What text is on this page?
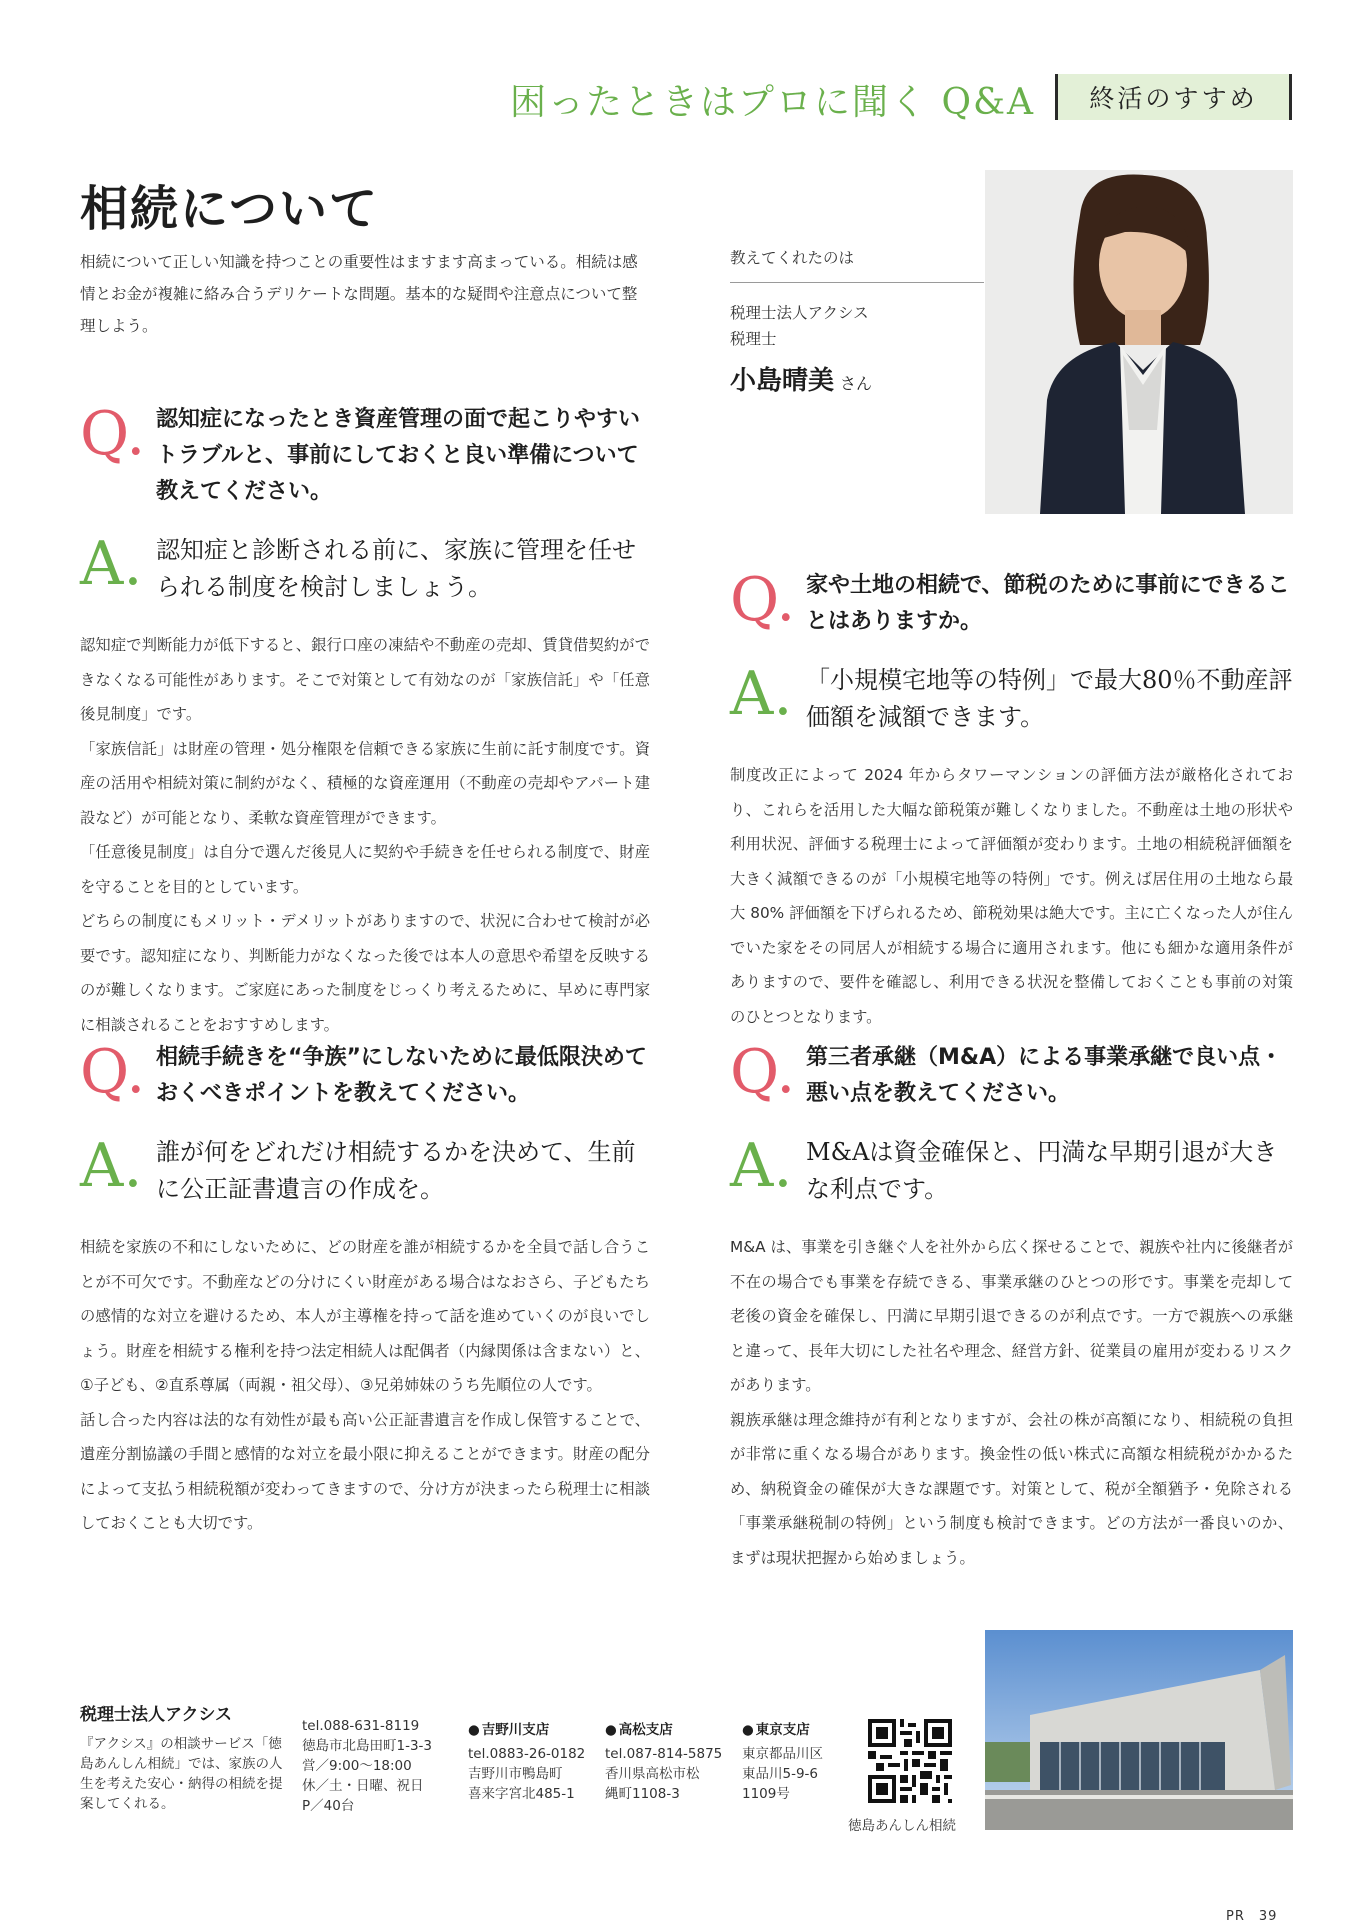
困ったときはプロに聞く Q&A	終活のすすめ
相続について
相続について正しい知識を持つことの重要性はますます高まっている。相続は感情とお金が複雑に絡み合うデリケートな問題。基本的な疑問や注意点について整理しよう。
教えてくれたのは
税理士法人アクシス
税理士
小島晴美 さん
Q. 認知症になったとき資産管理の面で起こりやすいトラブルと、事前にしておくと良い準備について教えてください。
A. 認知症と診断される前に、家族に管理を任せられる制度を検討しましょう。

認知症で判断能力が低下すると、銀行口座の凍結や不動産の売却、賃貸借契約ができなくなる可能性があります。そこで対策として有効なのが「家族信託」や「任意後見制度」です。

「家族信託」は財産の管理・処分権限を信頼できる家族に生前に託す制度です。資産の活用や相続対策に制約がなく、積極的な資産運用（不動産の売却やアパート建設など）が可能となり、柔軟な資産管理ができます。

「任意後見制度」は自分で選んだ後見人に契約や手続きを任せられる制度で、財産を守ることを目的としています。

どちらの制度にもメリット・デメリットがありますので、状況に合わせて検討が必要です。認知症になり、判断能力がなくなった後では本人の意思や希望を反映するのが難しくなります。ご家庭にあった制度をじっくり考えるために、早めに専門家に相談されることをおすすめします。

Q. 家や土地の相続で、節税のために事前にできることはありますか。
A. 「小規模宅地等の特例」で最大80％不動産評価額を減額できます。

制度改正によって 2024 年からタワーマンションの評価方法が厳格化されており、これらを活用した大幅な節税策が難しくなりました。不動産は土地の形状や利用状況、評価する税理士によって評価額が変わります。土地の相続税評価額を大きく減額できるのが「小規模宅地等の特例」です。例えば居住用の土地なら最大 80% 評価額を下げられるため、節税効果は絶大です。主に亡くなった人が住んでいた家をその同居人が相続する場合に適用されます。他にも細かな適用条件がありますので、要件を確認し、利用できる状況を整備しておくことも事前の対策のひとつとなります。

Q. 相続手続きを“争族”にしないために最低限決めておくべきポイントを教えてください。
A. 誰が何をどれだけ相続するかを決めて、生前に公正証書遺言の作成を。

相続を家族の不和にしないために、どの財産を誰が相続するかを全員で話し合うことが不可欠です。不動産などの分けにくい財産がある場合はなおさら、子どもたちの感情的な対立を避けるため、本人が主導権を持って話を進めていくのが良いでしょう。財産を相続する権利を持つ法定相続人は配偶者（内縁関係は含まない）と、①子ども、②直系尊属（両親・祖父母）、③兄弟姉妹のうち先順位の人です。

話し合った内容は法的な有効性が最も高い公正証書遺言を作成し保管することで、遺産分割協議の手間と感情的な対立を最小限に抑えることができます。財産の配分によって支払う相続税額が変わってきますので、分け方が決まったら税理士に相談しておくことも大切です。

Q. 第三者承継（M&A）による事業承継で良い点・悪い点を教えてください。
A. M&Aは資金確保と、円満な早期引退が大きな利点です。

M&A は、事業を引き継ぐ人を社外から広く探せることで、親族や社内に後継者が不在の場合でも事業を存続できる、事業承継のひとつの形です。事業を売却して老後の資金を確保し、円満に早期引退できるのが利点です。一方で親族への承継と違って、長年大切にした社名や理念、経営方針、従業員の雇用が変わるリスクがあります。

親族承継は理念維持が有利となりますが、会社の株が高額になり、相続税の負担が非常に重くなる場合があります。換金性の低い株式に高額な相続税がかかるため、納税資金の確保が大きな課題です。対策として、税が全額猶予・免除される「事業承継税制の特例」という制度も検討できます。どの方法が一番良いのか、まずは現状把握から始めましょう。

税理士法人アクシス
『アクシス』の相談サービス「徳島あんしん相続」では、家族の人生を考えた安心・納得の相続を提案してくれる。
tel.088-631-8119
徳島市北島田町1-3-3
営／9:00～18:00
休／土・日曜、祝日
P／40台
● 吉野川支店
tel.0883-26-0182
吉野川市鴨島町
喜来字宮北485-1
● 高松支店
tel.087-814-5875
香川県高松市松
縄町1108-3
● 東京支店
東京都品川区
東品川5-9-6
1109号
徳島あんしん相続
PR　39
